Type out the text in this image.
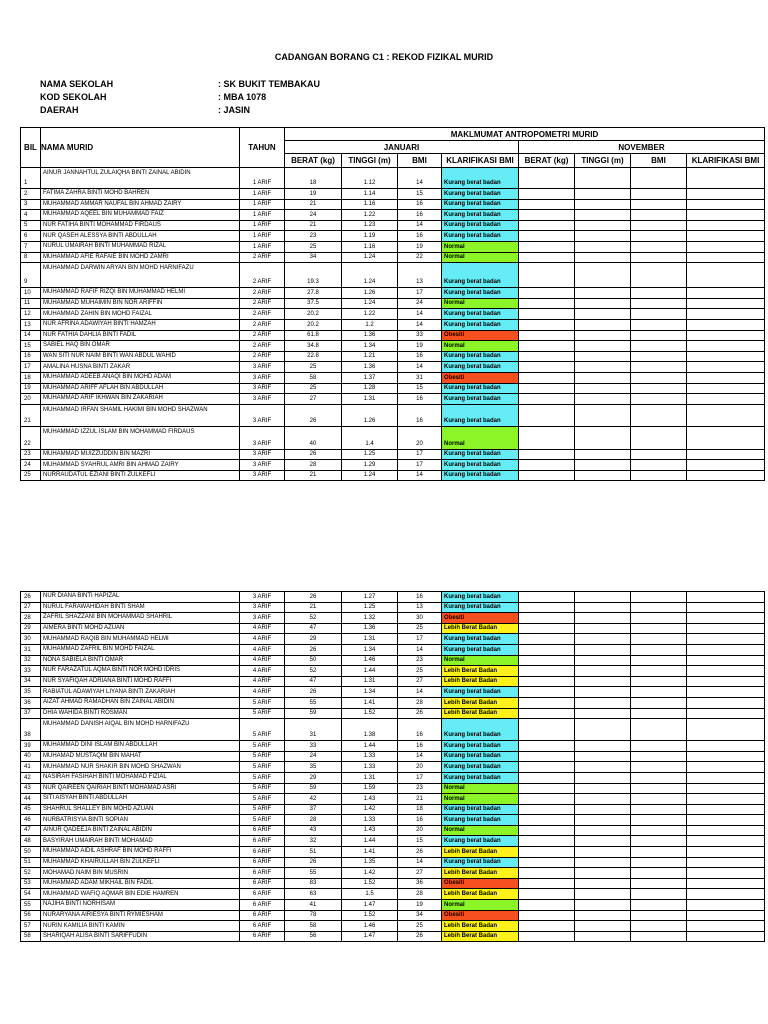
CADANGAN BORANG C1 : REKOD FIZIKAL MURID
NAMA SEKOLAH	: SK BUKIT TEMBAKAU
KOD SEKOLAH	: MBA 1078
DAERAH	: JASIN
BIL	NAMA MURID	TAHUN	MAKLMUMAT ANTROPOMETRI MURID							
			JANUARI				NOVEMBER			
			BERAT (kg)	TINGGI (m)	BMI	KLARIFIKASI BMI	BERAT (kg)	TINGGI (m)	BMI	KLARIFIKASI BMI
1	AINUR JANNAHTUL ZULAIQHA BINTI ZAINAL ABIDIN	1 ARIF	18	1.12	14	Kurang berat badan				
2	FATIMA ZAHRA BINTI MOHD BAHREN	1 ARIF	19	1.14	15	Kurang berat badan				
3	MUHAMMAD AMMAR NAUFAL BIN AHMAD ZAIRY	1 ARIF	21	1.16	16	Kurang berat badan				
4	MUHAMMAD AQEEL BIN MUHAMMAD FAIZ	1 ARIF	24	1.22	16	Kurang berat badan				
5	NUR FATIHA BINTI MOHAMMAD FIRDAUS	1 ARIF	21	1.23	14	Kurang berat badan				
6	NUR QASEH ALESSYA BINTI ABDULLAH	1 ARIF	23	1.19	16	Kurang berat badan				
7	NURUL UMAIRAH BINTI MUHAMMAD RIZAL	1 ARIF	25	1.16	19	Normal				
8	MUHAMMAD AFIE RAFAIE BIN MOHD ZAMRI	2 ARIF	34	1.24	22	Normal				
9	MUHAMMAD DARWIN ARYAN BIN MOHD HARNIFAZU	2 ARIF	19.3	1.24	13	Kurang berat badan				
10	MUHAMMAD RAFIF RIZQI BIN MUHAMMAD HELMI	2 ARIF	27.8	1.26	17	Kurang berat badan				
11	MUHAMMAD MUHAIMIN BIN NOR ARIFFIN	2 ARIF	37.5	1.24	24	Normal				
12	MUHAMMAD ZAHIN BIN MOHD FAIZAL	2 ARIF	20.2	1.22	14	Kurang berat badan				
13	NUR AFRINA ADAWIYAH BINTI HAMZAH	2 ARIF	20.2	1.2	14	Kurang berat badan				
14	NUR FATHIA DAHLIA BINTI FADIL	2 ARIF	61.8	1.36	33	Obesiti				
15	SABIEL HAQ BIN OMAR	2 ARIF	34.8	1.34	19	Normal				
16	WAN SITI NUR NAIM BINTI WAN ABDUL WAHID	2 ARIF	22.8	1.21	16	Kurang berat badan				
17	AMALINA HUSNA BINTI ZAKAR	3 ARIF	25	1.36	14	Kurang berat badan				
18	MUHAMMAD ADEEB ANAQI BIN MOHD ADAM	3 ARIF	58	1.37	31	Obesiti				
19	MUHAMMAD ARIFF AFLAH BIN ABDULLAH	3 ARIF	25	1.28	15	Kurang berat badan				
20	MUHAMMAD ARIF IKHWAN BIN ZAKARIAH	3 ARIF	27	1.31	16	Kurang berat badan				
21	MUHAMMAD IRFAN SHAMIL HAKIMI BIN MOHD SHAZWAN	3 ARIF	26	1.26	16	Kurang berat badan				
22	MUHAMMAD IZZUL ISLAM BIN MOHAMMAD FIRDAUS	3 ARIF	40	1.4	20	Normal				
23	MUHAMMAD MUIZZUDDIN BIN MAZRI	3 ARIF	26	1.25	17	Kurang berat badan				
24	MUHAMMAD SYAHRUL AMRI BIN AHMAD ZAIRY	3 ARIF	28	1.29	17	Kurang berat badan				
25	NURRAUDATUL EZIANI BINTI ZULKEFLI	3 ARIF	21	1.24	14	Kurang berat badan				
26	NUR DIANA BINTI HAPIZAL	3 ARIF	26	1.27	16	Kurang berat badan				
27	NURUL FARAWAHIDAH BINTI SHAM	3 ARIF	21	1.25	13	Kurang berat badan				
28	ZAFRIL SHAZZANI BIN MOHAMMAD SHAHRIL	3 ARIF	52	1.32	30	Obesiti				
29	AIMERA BINTI MOHD AZUAN	4 ARIF	47	1.36	25	Lebih Berat Badan				
30	MUHAMMAD RAQIB BIN MUHAMMAD HELMI	4 ARIF	29	1.31	17	Kurang berat badan				
31	MUHAMMAD ZAFRIL BIN MOHD FAIZAL	4 ARIF	26	1.34	14	Kurang berat badan				
32	NONA SABIELA BINTI OMAR	4 ARIF	50	1.46	23	Normal				
33	NUR FARAZATUL AQMA BINTI NOR MOHD IDRIS	4 ARIF	52	1.44	25	Lebih Berat Badan				
34	NUR SYAFIQAH ADRIANA BINTI MOHD RAFFI	4 ARIF	47	1.31	27	Lebih Berat Badan				
35	RABIATUL ADAWIYAH LIYANA BINTI ZAKARIAH	4 ARIF	26	1.34	14	Kurang berat badan				
36	AIZAT AHMAD RAMADHAN BIN ZAINAL ABIDIN	5 ARIF	55	1.41	28	Lebih Berat Badan				
37	DHIA WAHIDA BINTI ROSMAN	5 ARIF	59	1.52	26	Lebih Berat Badan				
38	MUHAMMAD DANISH AIQAL BIN MOHD HARNIFAZU	5 ARIF	31	1.38	16	Kurang berat badan				
39	MUHAMMAD DINI ISLAM BIN ABDULLAH	5 ARIF	33	1.44	16	Kurang berat badan				
40	MUHAMAD MUSTAQIM BIN MAHAT	5 ARIF	24	1.33	14	Kurang berat badan				
41	MUHAMMAD NUR SHAKIR BIN MOHD SHAZWAN	5 ARIF	35	1.33	20	Kurang berat badan				
42	NASIRAH FASIHAH BINTI MOHAMAD FIZIAL	5 ARIF	29	1.31	17	Kurang berat badan				
43	NUR QAIREEN QAIRIAH BINTI MOHAMAD ASRI	5 ARIF	59	1.59	23	Normal				
44	SITI AISYAH BINTI ABDULLAH	5 ARIF	42	1.43	21	Normal				
45	SHAHRUL SHALLEY BIN MOHD AZUAN	5 ARIF	37	1.42	18	Kurang berat badan				
46	NURBATRISYIA BINTI SOPIAN	5 ARIF	28	1.33	16	Kurang berat badan				
47	AINUR QADEEJA BINTI ZAINAL ABIDIN	6 ARIF	43	1.43	20	Normal				
48	BASYIRAH UMAIRAH BINTI MOHAMAD	6 ARIF	32	1.44	15	Kurang berat badan				
50	MUHAMMAD AIDIL ASHRAF BIN MOHD RAFFI	6 ARIF	51	1.41	26	Lebih Berat Badan				
51	MUHAMMAD KHAIRULLAH BIN ZULKEFLI	6 ARIF	26	1.35	14	Kurang berat badan				
52	MOHAMAD NAIM BIN MUSRIN	6 ARIF	55	1.42	27	Lebih Berat Badan				
53	MUHAMMAD ADAM MIKHAIL BIN FADIL	6 ARIF	83	1.52	36	Obesiti				
54	MUHAMMAD WAFIQ AQMAR BIN EDIE HAMREN	6 ARIF	63	1.5	28	Lebih Berat Badan				
55	NAJIHA BINTI NORHISAM	6 ARIF	41	1.47	19	Normal				
56	NURARYANA AIRIESYA BINTI RYMIESHAM	6 ARIF	78	1.52	34	Obesiti				
57	NURIN KAMILIA BINTI KAMIN	6 ARIF	58	1.46	25	Lebih Berat Badan				
58	SHARIQAH ALISA BINTI SARIFFUDIN	6 ARIF	56	1.47	26	Lebih Berat Badan				
